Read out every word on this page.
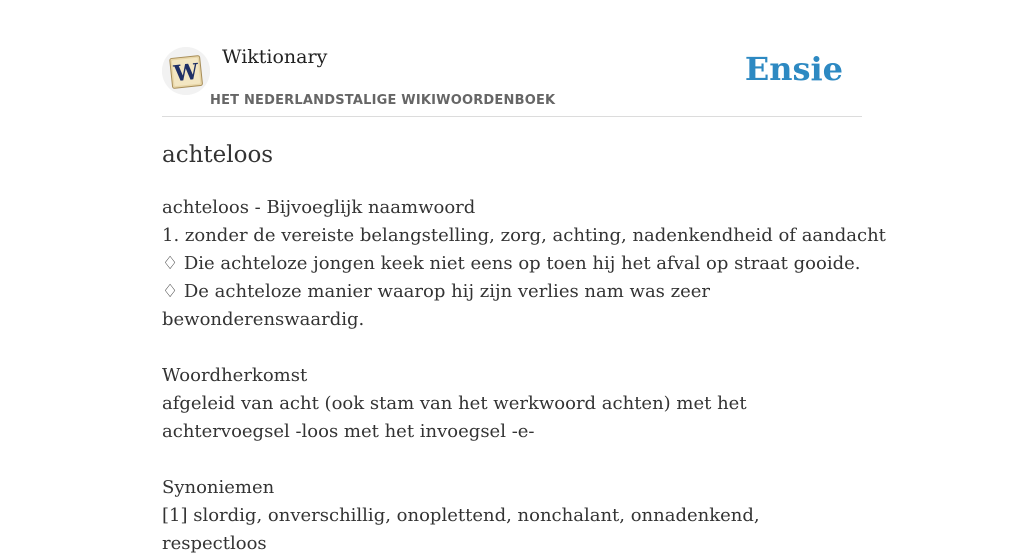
W
Wiktionary
HET NEDERLANDSTALIGE WIKIWOORDENBOEK
Ensie
achteloos
achteloos - Bijvoeglijk naamwoord
1. zonder de vereiste belangstelling, zorg, achting, nadenkendheid of aandacht
♢ Die achteloze jongen keek niet eens op toen hij het afval op straat gooide.
♢ De achteloze manier waarop hij zijn verlies nam was zeer bewonderenswaardig.
Woordherkomst
afgeleid van acht (ook stam van het werkwoord achten) met het achtervoegsel -loos met het invoegsel -e-
Synoniemen
[1] slordig, onverschillig, onoplettend, nonchalant, onnadenkend, respectloos
